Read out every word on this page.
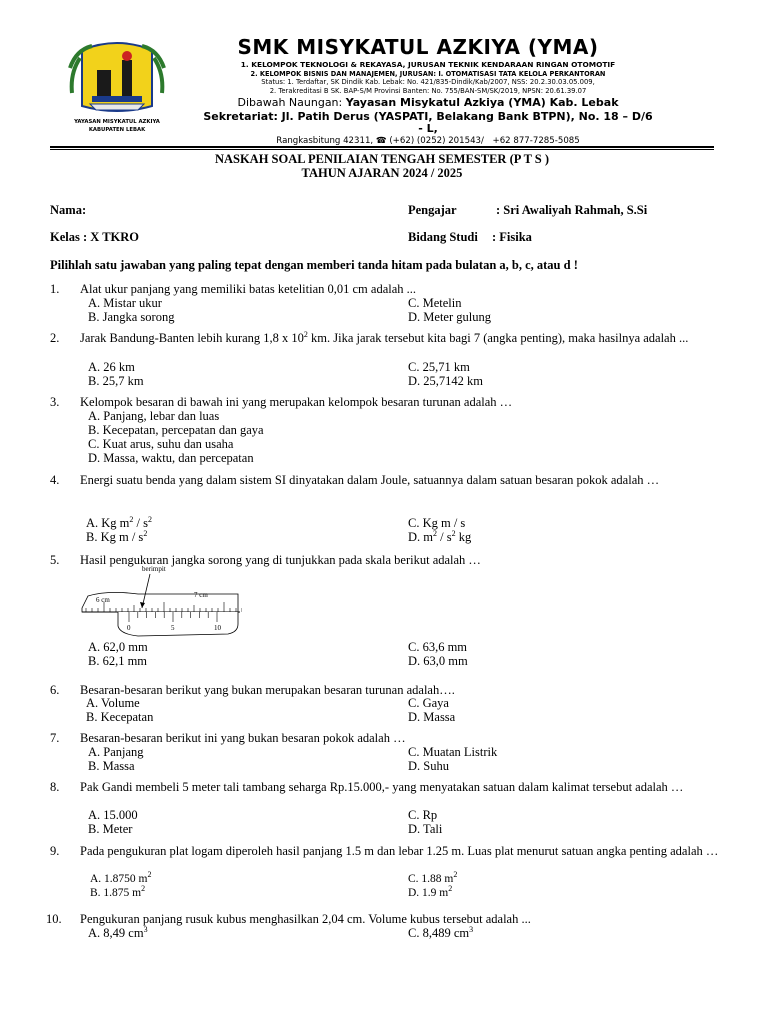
YAYASAN MISYKATUL AZKIYA
KABUPATEN LEBAK
SMK MISYKATUL AZKIYA (YMA)
1. KELOMPOK TEKNOLOGI & REKAYASA, JURUSAN TEKNIK KENDARAAN RINGAN OTOMOTIF
2. KELOMPOK BISNIS DAN MANAJEMEN, JURUSAN: I. OTOMATISASI TATA KELOLA PERKANTORAN
Status: 1. Terdaftar, SK Dindik Kab. Lebak: No. 421/835-Dindik/Kab/2007, NSS: 20.2.30.03.05.009,
2. Terakreditasi B SK. BAP-S/M Provinsi Banten: No. 755/BAN-SM/SK/2019, NPSN: 20.61.39.07
Dibawah Naungan: Yayasan Misykatul Azkiya (YMA) Kab. Lebak
Sekretariat: Jl. Patih Derus (YASPATI, Belakang Bank BTPN), No. 18 – D/6
- L,
Rangkasbitung 42311, ☎ (+62) (0252) 201543/ +62 877-7285-5085
NASKAH SOAL PENILAIAN TENGAH SEMESTER (P T S )
TAHUN AJARAN 2024 / 2025
Nama:	Pengajar	: Sri Awaliyah Rahmah, S.Si
Kelas : X TKRO	Bidang Studi : Fisika
Pilihlah satu jawaban yang paling tepat dengan memberi tanda hitam pada bulatan a, b, c, atau d !
1.	Alat ukur panjang yang memiliki batas ketelitian 0,01 cm adalah ...
A. Mistar ukur
B. Jangka sorong
C. Metelin
D. Meter gulung
2.	Jarak Bandung-Banten lebih kurang 1,8 x $10^2$ km. Jika jarak tersebut kita bagi 7 (angka penting), maka hasilnya adalah ...
A. 26 km
B. 25,7 km
C. 25,71 km
D. 25,7142 km
3.	Kelompok besaran di bawah ini yang merupakan kelompok besaran turunan adalah …
A. Panjang, lebar dan luas
B. Kecepatan, percepatan dan gaya
C. Kuat arus, suhu dan usaha
D. Massa, waktu, dan percepatan
4.	Energi suatu benda yang dalam sistem SI dinyatakan dalam Joule, satuannya dalam satuan besaran pokok adalah …
A. Kg $m^2 / s^2$
B. Kg m / $s^2$
C. Kg m / s
D. $m^2 / s^2$ kg
5.	Hasil pengukuran jangka sorong yang di tunjukkan pada skala berikut adalah …
berimpit
6 cm
7 cm
0	5	10
A. 62,0 mm
B. 62,1 mm
C. 63,6 mm
D. 63,0 mm
6.	Besaran-besaran berikut yang bukan merupakan besaran turunan adalah….
A. Volume
B. Kecepatan
C. Gaya
D. Massa
7.	Besaran-besaran berikut ini yang bukan besaran pokok adalah …
A. Panjang
B. Massa
C. Muatan Listrik
D. Suhu
8.	Pak Gandi membeli 5 meter tali tambang seharga Rp.15.000,- yang menyatakan satuan dalam kalimat tersebut adalah …
A. 15.000
B. Meter
C. Rp
D. Tali
9.	Pada pengukuran plat logam diperoleh hasil panjang 1.5 m dan lebar 1.25 m. Luas plat menurut satuan angka penting adalah …
A. 1.8750 $m^2$
B. 1.875 $m^2$
C. 1.88 $m^2$
D. 1.9 $m^2$
10.	Pengukuran panjang rusuk kubus menghasilkan 2,04 cm. Volume kubus tersebut adalah ...
A. 8,49 $cm^3$	C. 8,489 $cm^3$
